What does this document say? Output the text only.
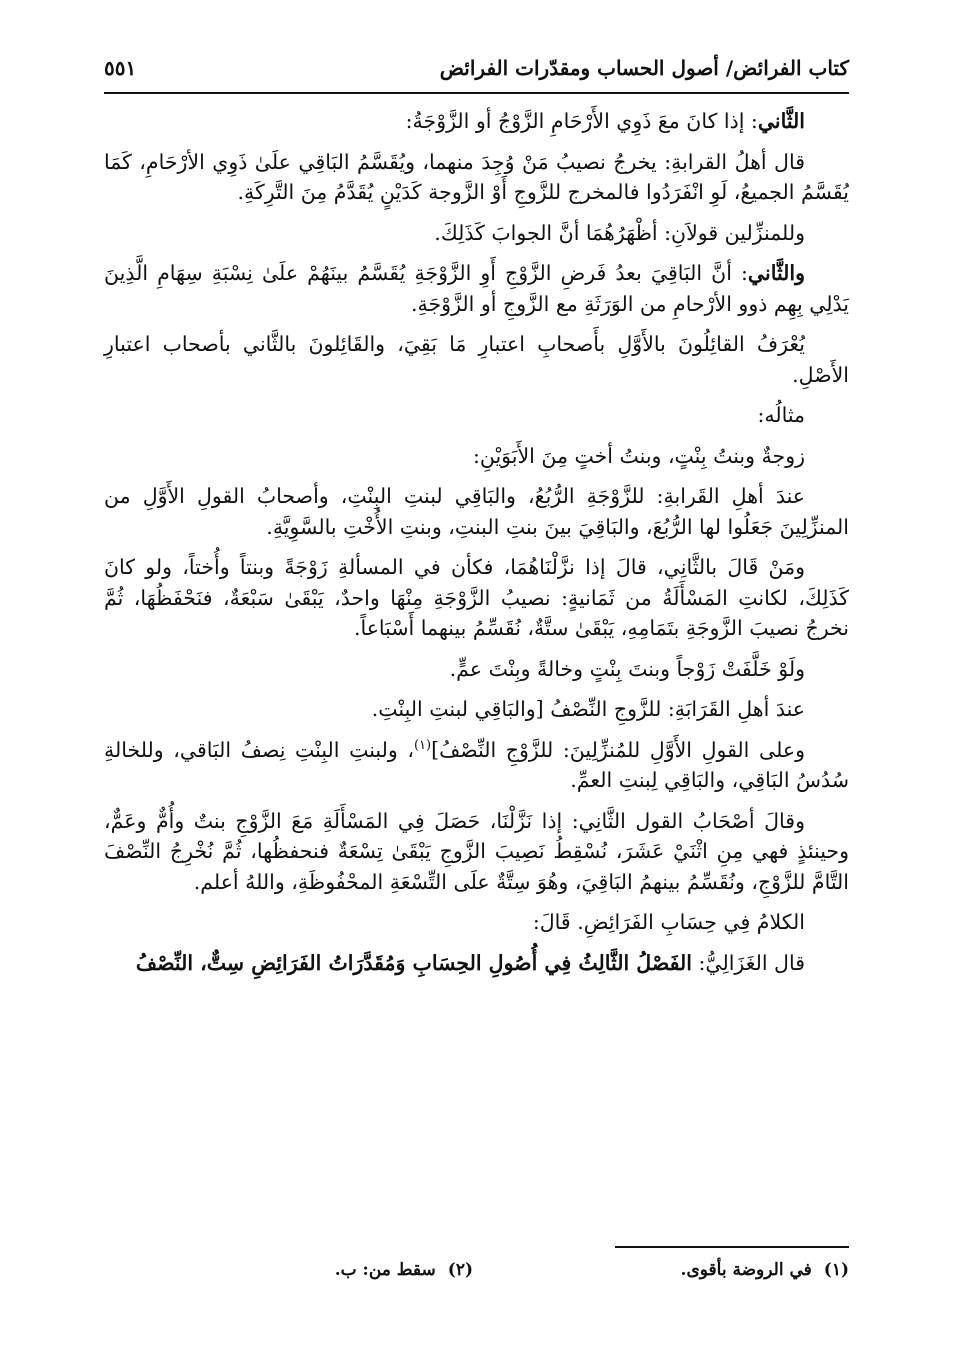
كتاب الفرائض/ أصول الحساب ومقدّرات الفرائض
٥٥١

الثَّاني: إذا كانَ معَ ذَوِي الأَرْحَامِ الزَّوْجُ أو الزَّوْجَةُ:

قال أهلُ القرابةِ: يخرجُ نصيبُ مَنْ وُجِدَ منهما، ويُقَسَّمُ البَاقِي علَىٰ ذَوِي الأرْحَامِ، كَمَا يُقَسَّمُ الجميعُ، لَوِ انْفَرَدُوا فالمخرج للزَّوجِ أَوْ الزَّوجة كَدَيْنٍ يُقَدَّمُ مِنَ التَّرِكَةِ.

وللمنزِّلين قولاَنِ: أظْهَرُهُمَا أنَّ الجوابَ كَذَلِكَ.

والثَّاني: أنَّ البَاقِيَ بعدُ فَرضِ الزَّوْجِ أَوِ الزَّوْجَةِ يُقَسَّمُ بينَهُمْ علَىٰ نِسْبَةِ سِهَامِ الَّذِينَ يَدْلِي بِهِم ذوو الأرْحامِ من الوَرَثَةِ مع الزَّوجِ أو الزَّوْجَةِ.

يُعْرَفُ القائِلُونَ بالأَوَّلِ بأَصحابِ اعتبارِ مَا بَقِيَ، والقَائِلونَ بالثَّاني بأصحاب اعتبارِ الأَصْلِ.

مثالُه:

زوجةٌ وبنتُ بِنْتٍ، وبنتُ أختٍ مِنَ الأَبَوَيْنِ:

عندَ أهلِ القَرابةِ: للزَّوْجَةِ الرُّبُعُ، والبَاقِي لبنتِ البِنْتِ، وأصحابُ القولِ الأَوَّلِ من المنزِّلِينَ جَعَلُوا لها الرُّبُعَ، والبَاقِيَ بينَ بنتِ البنتِ، وبنتِ الأُخْتِ بالسَّوِيَّةِ.

ومَنْ قَالَ بالثَّانِي، قالَ إذا نزَّلْنَاهُمَا، فكأن في المسألةِ زَوْجَةً وبنتاً وأُختاً، ولو كانَ كَذَلِكَ، لكانتِ المَسْأَلَةُ من ثَمَانيةٍ: نصيبُ الزَّوْجَةِ مِنْهَا واحدٌ، يَبْقَىٰ سَبْعَةٌ، فنَحْفَظُهَا، ثُمَّ نخرجُ نصيبَ الزَّوجَةِ بتَمَامِهِ، يَبْقَىٰ ستَّةٌ، نُقَسِّمُ بينهما أَسْبَاعاً.

ولَوْ خَلَّفَتْ زَوْجاً وبنتَ بِنْتٍ وخالةً وبِنْتَ عمٍّ.

عندَ أهلِ القَرَابَةِ: للزَّوجِ النِّصْفُ [والبَاقِي لبنتِ البِنْتِ.

وعلى القولِ الأَوَّلِ للمُنزِّلِينَ: للزَّوْجِ النِّصْفُ]$^{(١)}$، ولبنتِ البِنْتِ نِصفُ البَاقي، وللخالةِ سُدُسُ البَاقِي، والبَاقِي لِبنتِ العمِّ.

وقالَ أصْحَابُ القول الثَّانِي: إذا نَزَّلْنَا، حَصَلَ فِي المَسْأَلَةِ مَعَ الزَّوْجِ بنتٌ وأُمٌّ وعَمٌّ، وحينئذٍ فهي مِنِ اثْنَيْ عَشَرَ، نُسْقِطُ نَصِيبَ الزَّوجِ يَبْقَىٰ تِسْعَةٌ فنحفظُها، ثُمَّ نُخْرِجُ النِّصْفَ التَّامَّ للزَّوْجِ، ونُقَسِّمُ بينهمُ البَاقِيَ، وهُوَ سِتَّةٌ علَى التِّسْعَةِ المحْفُوظَةِ، واللهُ أعلم.

الكلامُ فِي حِسَابِ الفَرَائِضِ. قَالَ:

قال الغَزَالِيُّ: الفَصْلُ الثَّالِثُ فِي أُصُولِ الحِسَابِ وَمُقَدَّرَاتُ الفَرَائِضِ سِتٌّ، النِّصْفُ

(١)في الروضة بأقوى.
(٢)سقط من: ب.
